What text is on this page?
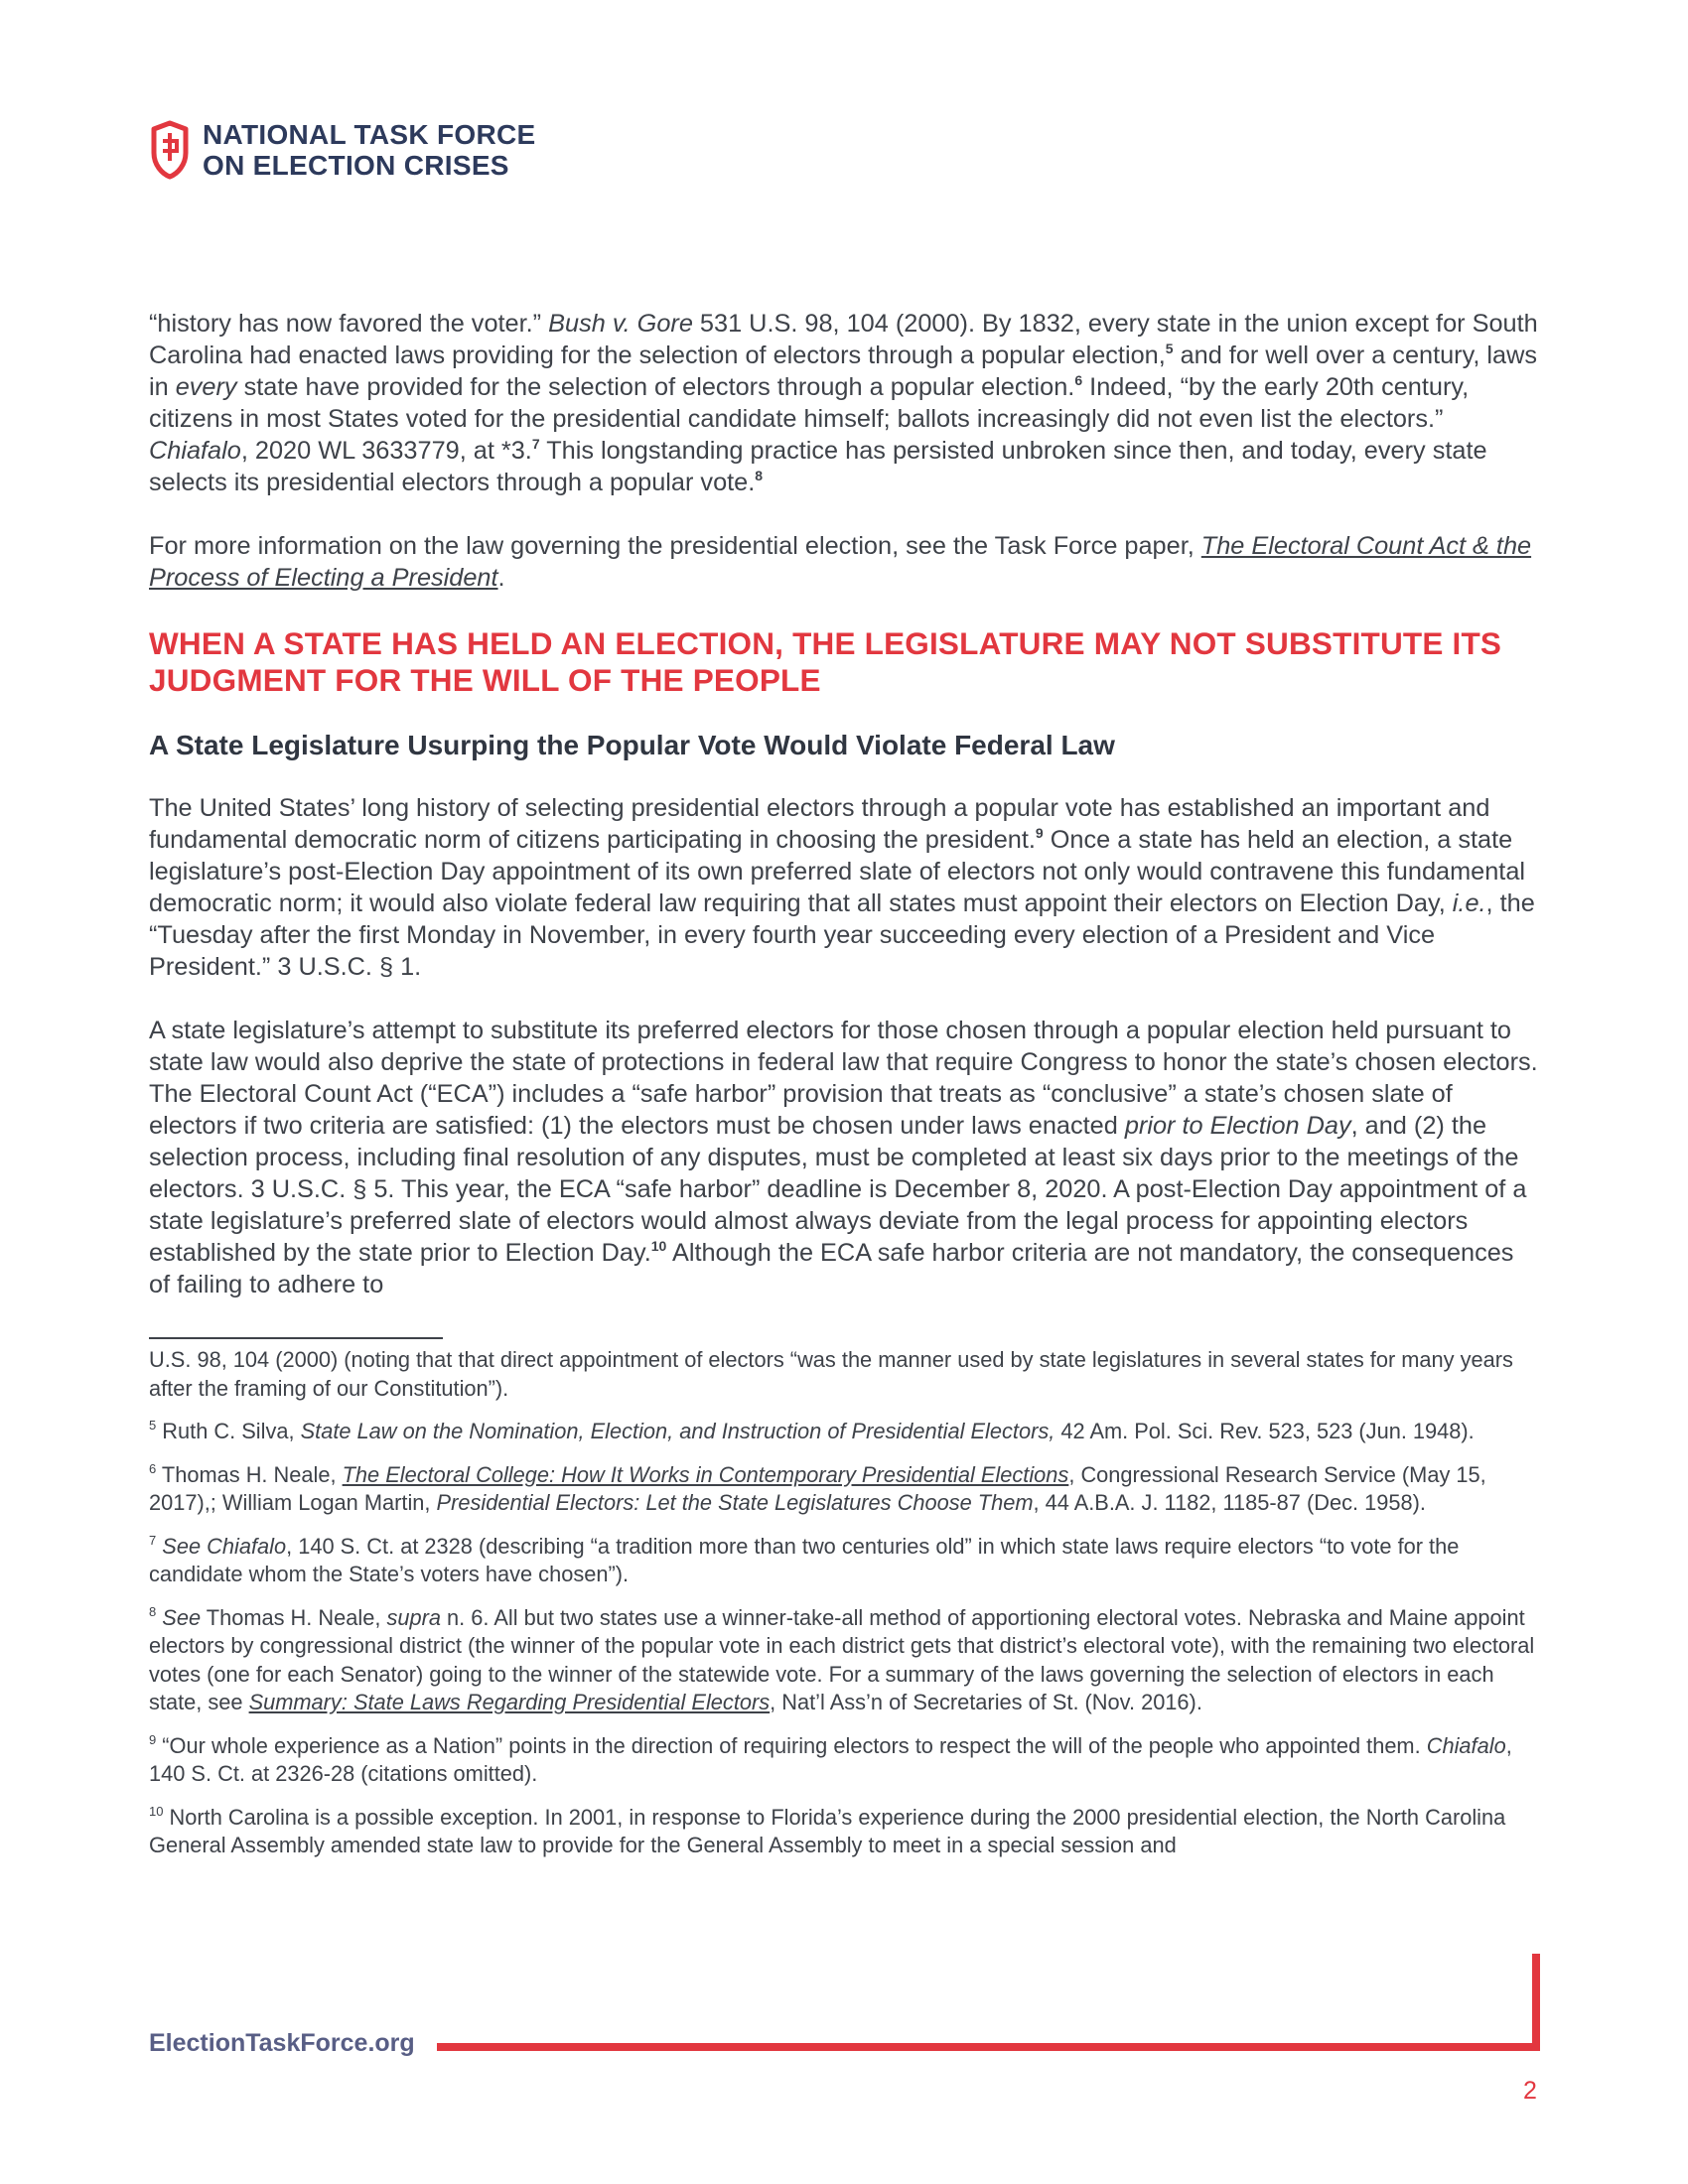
NATIONAL TASK FORCE
ON ELECTION CRISES

“history has now favored the voter.” Bush v. Gore 531 U.S. 98, 104 (2000). By 1832, every state in the union except for South Carolina had enacted laws providing for the selection of electors through a popular election,$^5$ and for well over a century, laws in every state have provided for the selection of electors through a popular election.$^6$ Indeed, “by the early 20th century, citizens in most States voted for the presidential candidate himself; ballots increasingly did not even list the electors.” Chiafalo, 2020 WL 3633779, at *3.$^7$ This longstanding practice has persisted unbroken since then, and today, every state selects its presidential electors through a popular vote.$^8$

For more information on the law governing the presidential election, see the Task Force paper, The Electoral Count Act & the Process of Electing a President.

WHEN A STATE HAS HELD AN ELECTION, THE LEGISLATURE MAY NOT SUBSTITUTE ITS JUDGMENT FOR THE WILL OF THE PEOPLE
A State Legislature Usurping the Popular Vote Would Violate Federal Law

The United States’ long history of selecting presidential electors through a popular vote has established an important and fundamental democratic norm of citizens participating in choosing the president.$^9$ Once a state has held an election, a state legislature’s post-Election Day appointment of its own preferred slate of electors not only would contravene this fundamental democratic norm; it would also violate federal law requiring that all states must appoint their electors on Election Day, i.e., the “Tuesday after the first Monday in November, in every fourth year succeeding every election of a President and Vice President.” 3 U.S.C. § 1.

A state legislature’s attempt to substitute its preferred electors for those chosen through a popular election held pursuant to state law would also deprive the state of protections in federal law that require Congress to honor the state’s chosen electors. The Electoral Count Act (“ECA”) includes a “safe harbor” provision that treats as “conclusive” a state’s chosen slate of electors if two criteria are satisfied: (1) the electors must be chosen under laws enacted prior to Election Day, and (2) the selection process, including final resolution of any disputes, must be completed at least six days prior to the meetings of the electors. 3 U.S.C. § 5. This year, the ECA “safe harbor” deadline is December 8, 2020. A post-Election Day appointment of a state legislature’s preferred slate of electors would almost always deviate from the legal process for appointing electors established by the state prior to Election Day.$^{10}$ Although the ECA safe harbor criteria are not mandatory, the consequences of failing to adhere to

U.S. 98, 104 (2000) (noting that that direct appointment of electors “was the manner used by state legislatures in several states for many years after the framing of our Constitution”).

$^5$ Ruth C. Silva, State Law on the Nomination, Election, and Instruction of Presidential Electors, 42 Am. Pol. Sci. Rev. 523, 523 (Jun. 1948).

$^6$ Thomas H. Neale, The Electoral College: How It Works in Contemporary Presidential Elections, Congressional Research Service (May 15, 2017),; William Logan Martin, Presidential Electors: Let the State Legislatures Choose Them, 44 A.B.A. J. 1182, 1185-87 (Dec. 1958).

$^7$ See Chiafalo, 140 S. Ct. at 2328 (describing “a tradition more than two centuries old” in which state laws require electors “to vote for the candidate whom the State’s voters have chosen”).

$^8$ See Thomas H. Neale, supra n. 6. All but two states use a winner-take-all method of apportioning electoral votes. Nebraska and Maine appoint electors by congressional district (the winner of the popular vote in each district gets that district’s electoral vote), with the remaining two electoral votes (one for each Senator) going to the winner of the statewide vote. For a summary of the laws governing the selection of electors in each state, see Summary: State Laws Regarding Presidential Electors, Nat’l Ass’n of Secretaries of St. (Nov. 2016).

$^9$ “Our whole experience as a Nation” points in the direction of requiring electors to respect the will of the people who appointed them. Chiafalo, 140 S. Ct. at 2326-28 (citations omitted).

$^{10}$ North Carolina is a possible exception. In 2001, in response to Florida’s experience during the 2000 presidential election, the North Carolina General Assembly amended state law to provide for the General Assembly to meet in a special session and

ElectionTaskForce.org
2
